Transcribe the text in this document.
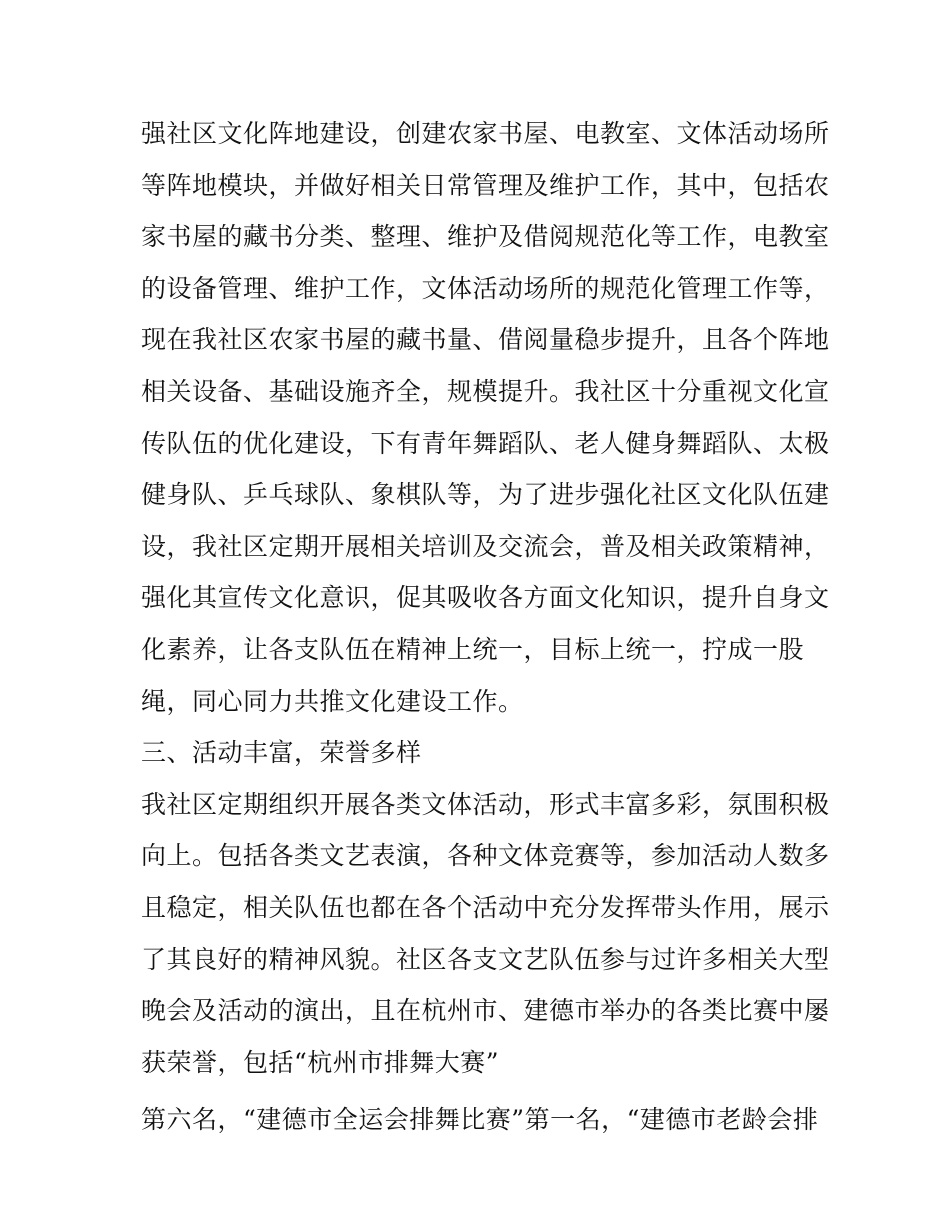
强社区文化阵地建设，创建农家书屋、电教室、文体活动场所
等阵地模块，并做好相关日常管理及维护工作，其中，包括农
家书屋的藏书分类、整理、维护及借阅规范化等工作，电教室
的设备管理、维护工作，文体活动场所的规范化管理工作等，
现在我社区农家书屋的藏书量、借阅量稳步提升，且各个阵地
相关设备、基础设施齐全，规模提升。我社区十分重视文化宣
传队伍的优化建设，下有青年舞蹈队、老人健身舞蹈队、太极
健身队、乒乓球队、象棋队等，为了进步强化社区文化队伍建
设，我社区定期开展相关培训及交流会，普及相关政策精神，
强化其宣传文化意识，促其吸收各方面文化知识，提升自身文
化素养，让各支队伍在精神上统一，目标上统一，拧成一股
绳，同心同力共推文化建设工作。
三、活动丰富，荣誉多样
我社区定期组织开展各类文体活动，形式丰富多彩，氛围积极
向上。包括各类文艺表演，各种文体竞赛等，参加活动人数多
且稳定，相关队伍也都在各个活动中充分发挥带头作用，展示
了其良好的精神风貌。社区各支文艺队伍参与过许多相关大型
晚会及活动的演出，且在杭州市、建德市举办的各类比赛中屡
获荣誉，包括“杭州市排舞大赛”
第六名，“建德市全运会排舞比赛”第一名，“建德市老龄会排
